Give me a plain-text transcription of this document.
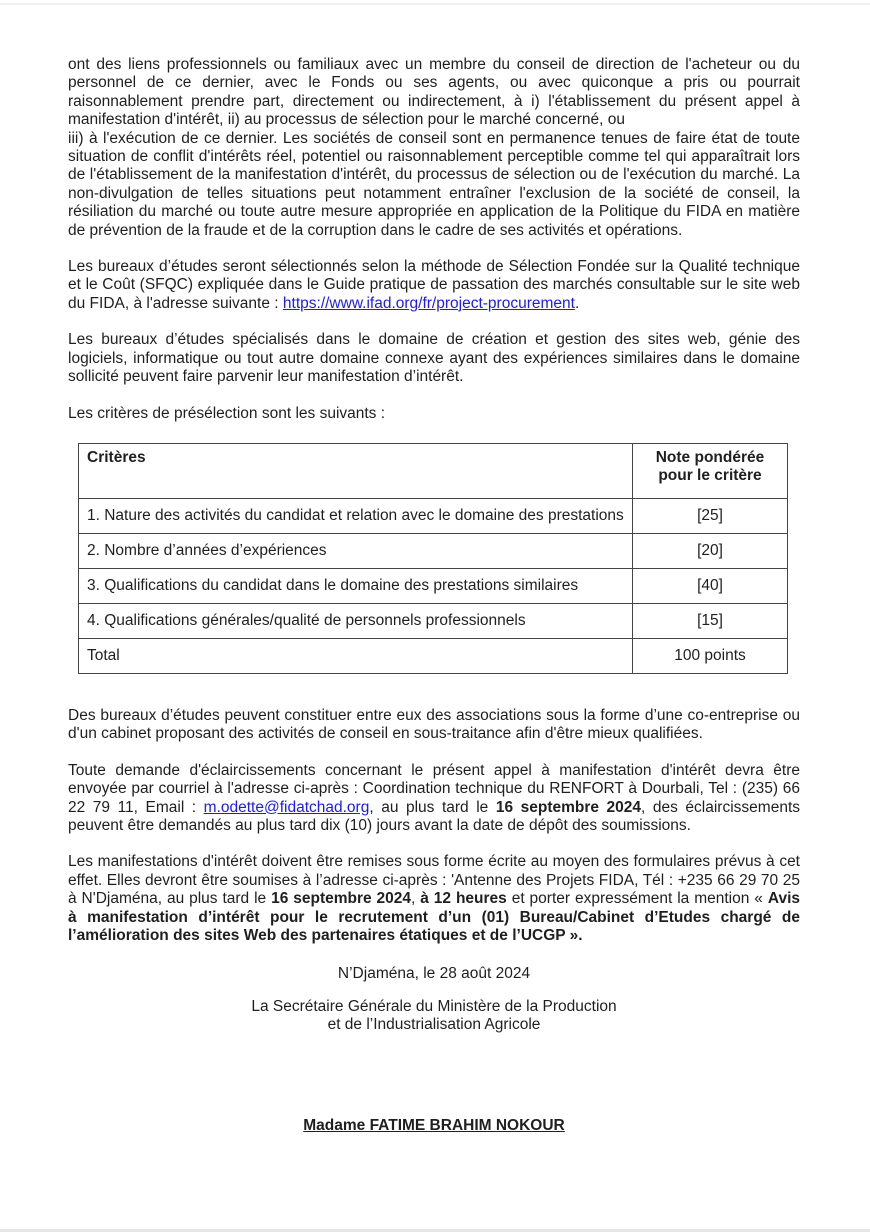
ont des liens professionnels ou familiaux avec un membre du conseil de direction de l'acheteur ou du personnel de ce dernier, avec le Fonds ou ses agents, ou avec quiconque a pris ou pourrait raisonnablement prendre part, directement ou indirectement, à i) l'établissement du présent appel à manifestation d'intérêt, ii) au processus de sélection pour le marché concerné, ou
iii) à l'exécution de ce dernier. Les sociétés de conseil sont en permanence tenues de faire état de toute situation de conflit d'intérêts réel, potentiel ou raisonnablement perceptible comme tel qui apparaîtrait lors de l'établissement de la manifestation d'intérêt, du processus de sélection ou de l'exécution du marché. La non-divulgation de telles situations peut notamment entraîner l'exclusion de la société de conseil, la résiliation du marché ou toute autre mesure appropriée en application de la Politique du FIDA en matière de prévention de la fraude et de la corruption dans le cadre de ses activités et opérations.

Les bureaux d’études seront sélectionnés selon la méthode de Sélection Fondée sur la Qualité technique et le Coût (SFQC) expliquée dans le Guide pratique de passation des marchés consultable sur le site web du FIDA, à l'adresse suivante : https://www.ifad.org/fr/project-procurement.

Les bureaux d’études spécialisés dans le domaine de création et gestion des sites web, génie des logiciels, informatique ou tout autre domaine connexe ayant des expériences similaires dans le domaine sollicité peuvent faire parvenir leur manifestation d’intérêt.

Les critères de présélection sont les suivants :

Critères	Note pondérée pour le critère
1. Nature des activités du candidat et relation avec le domaine des prestations	[25]
2. Nombre d’années d’expériences	[20]
3. Qualifications du candidat dans le domaine des prestations similaires	[40]
4. Qualifications générales/qualité de personnels professionnels	[15]
Total	100 points

Des bureaux d’études peuvent constituer entre eux des associations sous la forme d’une co-entreprise ou d'un cabinet proposant des activités de conseil en sous-traitance afin d'être mieux qualifiées.

Toute demande d'éclaircissements concernant le présent appel à manifestation d'intérêt devra être envoyée par courriel à l'adresse ci-après : Coordination technique du RENFORT à Dourbali, Tel : (235) 66 22 79 11, Email : m.odette@fidatchad.org, au plus tard le 16 septembre 2024, des éclaircissements peuvent être demandés au plus tard dix (10) jours avant la date de dépôt des soumissions.

Les manifestations d'intérêt doivent être remises sous forme écrite au moyen des formulaires prévus à cet effet. Elles devront être soumises à l’adresse ci-après : 'Antenne des Projets FIDA, Tél : +235 66 29 70 25 à N'Djaména, au plus tard le 16 septembre 2024, à 12 heures et porter expressément la mention « Avis à manifestation d’intérêt pour le recrutement d’un (01) Bureau/Cabinet d’Etudes chargé de l’amélioration des sites Web des partenaires étatiques et de l’UCGP ».

N’Djaména, le 28 août 2024

La Secrétaire Générale du Ministère de la Production
et de l’Industrialisation Agricole

Madame FATIME BRAHIM NOKOUR
